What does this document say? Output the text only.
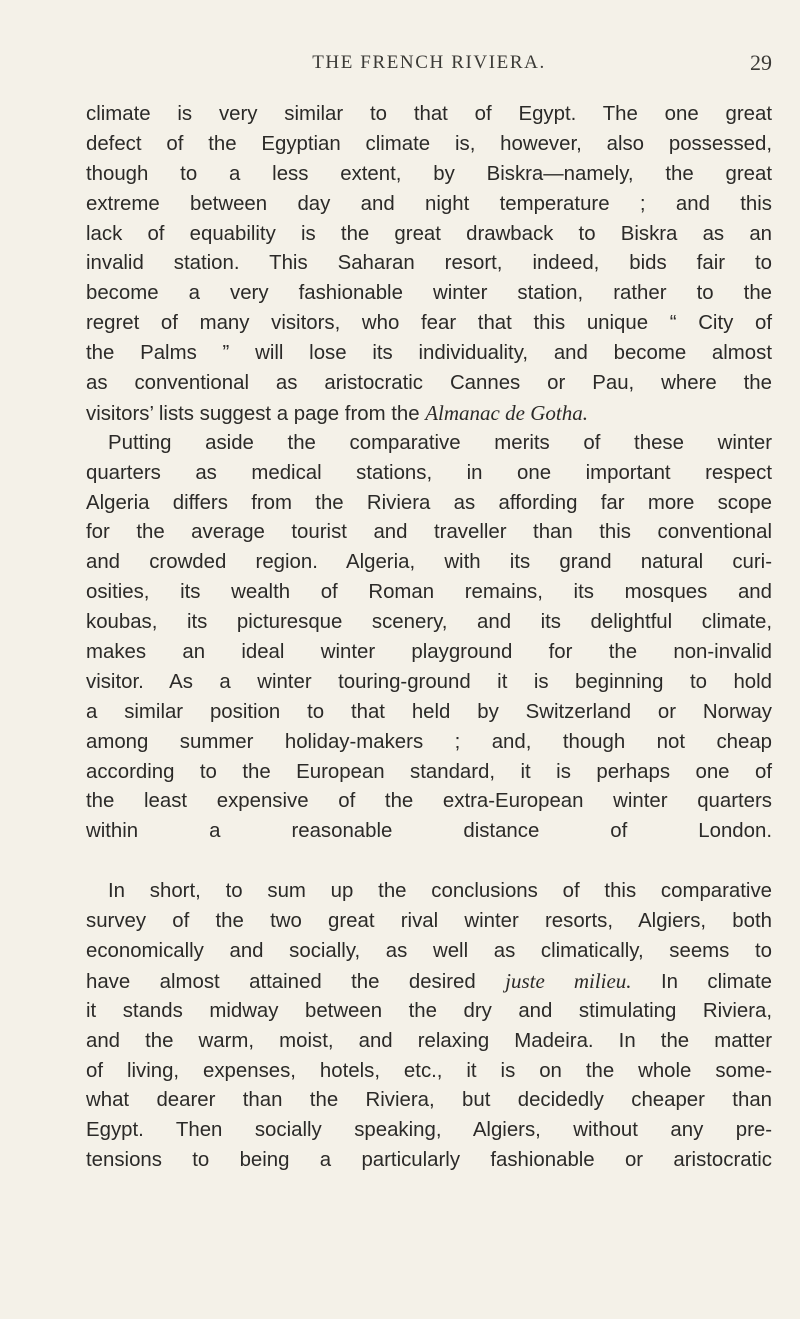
THE FRENCH RIVIERA.	29

climate is very similar to that of Egypt. The one great
defect of the Egyptian climate is, however, also possessed,
though to a less extent, by Biskra—namely, the great
extreme between day and night temperature ; and this
lack of equability is the great drawback to Biskra as an
invalid station. This Saharan resort, indeed, bids fair to
become a very fashionable winter station, rather to the
regret of many visitors, who fear that this unique “ City of
the Palms ” will lose its individuality, and become almost
as conventional as aristocratic Cannes or Pau, where the
visitors’ lists suggest a page from the Almanac de Gotha.

Putting aside the comparative merits of these winter
quarters as medical stations, in one important respect
Algeria differs from the Riviera as affording far more scope
for the average tourist and traveller than this conventional
and crowded region. Algeria, with its grand natural curi-
osities, its wealth of Roman remains, its mosques and
koubas, its picturesque scenery, and its delightful climate,
makes an ideal winter playground for the non-invalid
visitor. As a winter touring-ground it is beginning to hold
a similar position to that held by Switzerland or Norway
among summer holiday-makers ; and, though not cheap
according to the European standard, it is perhaps one of
the least expensive of the extra-European winter quarters
within a reasonable distance of London.

In short, to sum up the conclusions of this comparative
survey of the two great rival winter resorts, Algiers, both
economically and socially, as well as climatically, seems to
have almost attained the desired juste milieu. In climate
it stands midway between the dry and stimulating Riviera,
and the warm, moist, and relaxing Madeira. In the matter
of living, expenses, hotels, etc., it is on the whole some-
what dearer than the Riviera, but decidedly cheaper than
Egypt. Then socially speaking, Algiers, without any pre-
tensions to being a particularly fashionable or aristocratic
